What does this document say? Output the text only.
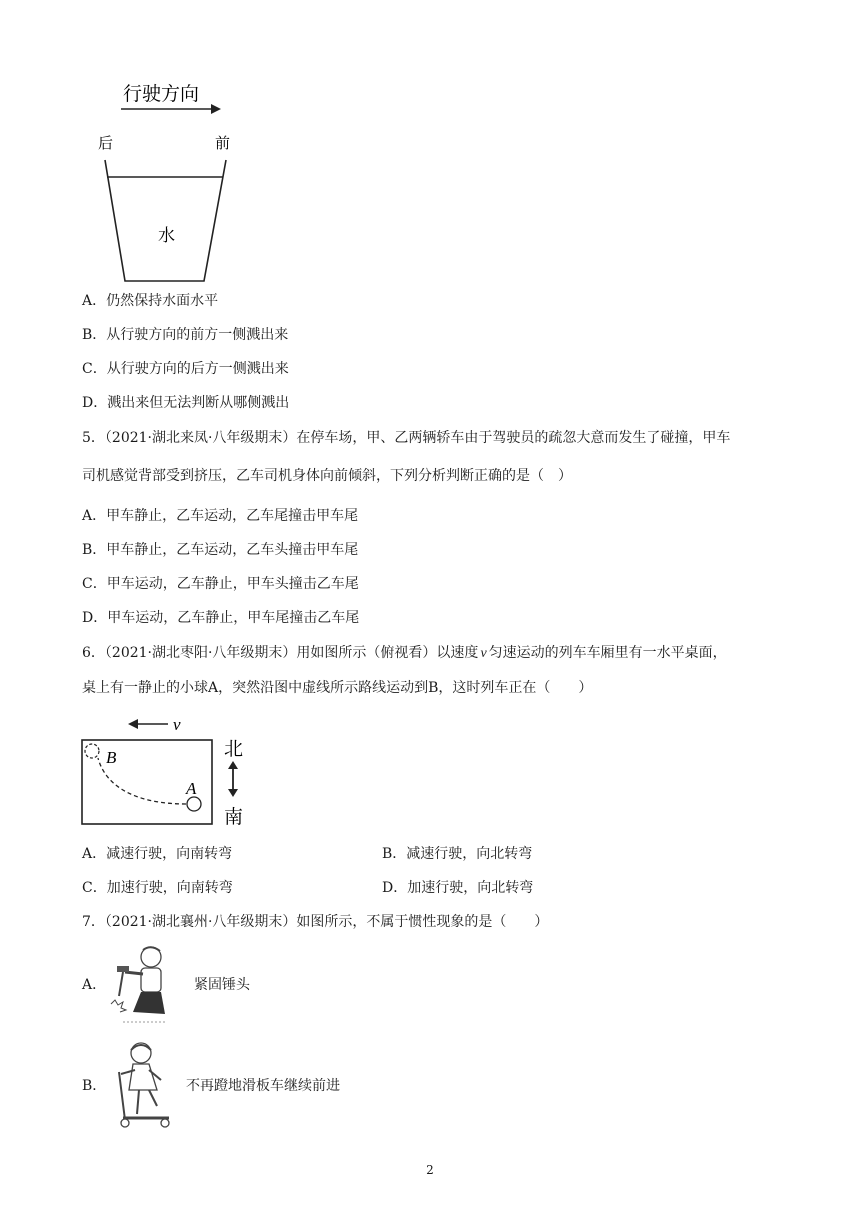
行驶方向
后	前
水
A．仍然保持水面水平
B．从行驶方向的前方一侧溅出来
C．从行驶方向的后方一侧溅出来
D．溅出来但无法判断从哪侧溅出
5．（2021·湖北来凤·八年级期末）在停车场，甲、乙两辆轿车由于驾驶员的疏忽大意而发生了碰撞，甲车
司机感觉背部受到挤压，乙车司机身体向前倾斜，下列分析判断正确的是（　）
A．甲车静止，乙车运动，乙车尾撞击甲车尾
B．甲车静止，乙车运动，乙车头撞击甲车尾
C．甲车运动，乙车静止，甲车头撞击乙车尾
D．甲车运动，乙车静止，甲车尾撞击乙车尾
6．（2021·湖北枣阳·八年级期末）用如图所示（俯视看）以速度 v 匀速运动的列车车厢里有一水平桌面，
桌上有一静止的小球A，突然沿图中虚线所示路线运动到B，这时列车正在（　　）
v
B
A
北
南
A．减速行驶，向南转弯	B．减速行驶，向北转弯
C．加速行驶，向南转弯	D．加速行驶，向北转弯
7．（2021·湖北襄州·八年级期末）如图所示，不属于惯性现象的是（　　）
A．	紧固锤头
B．	不再蹬地滑板车继续前进
2
